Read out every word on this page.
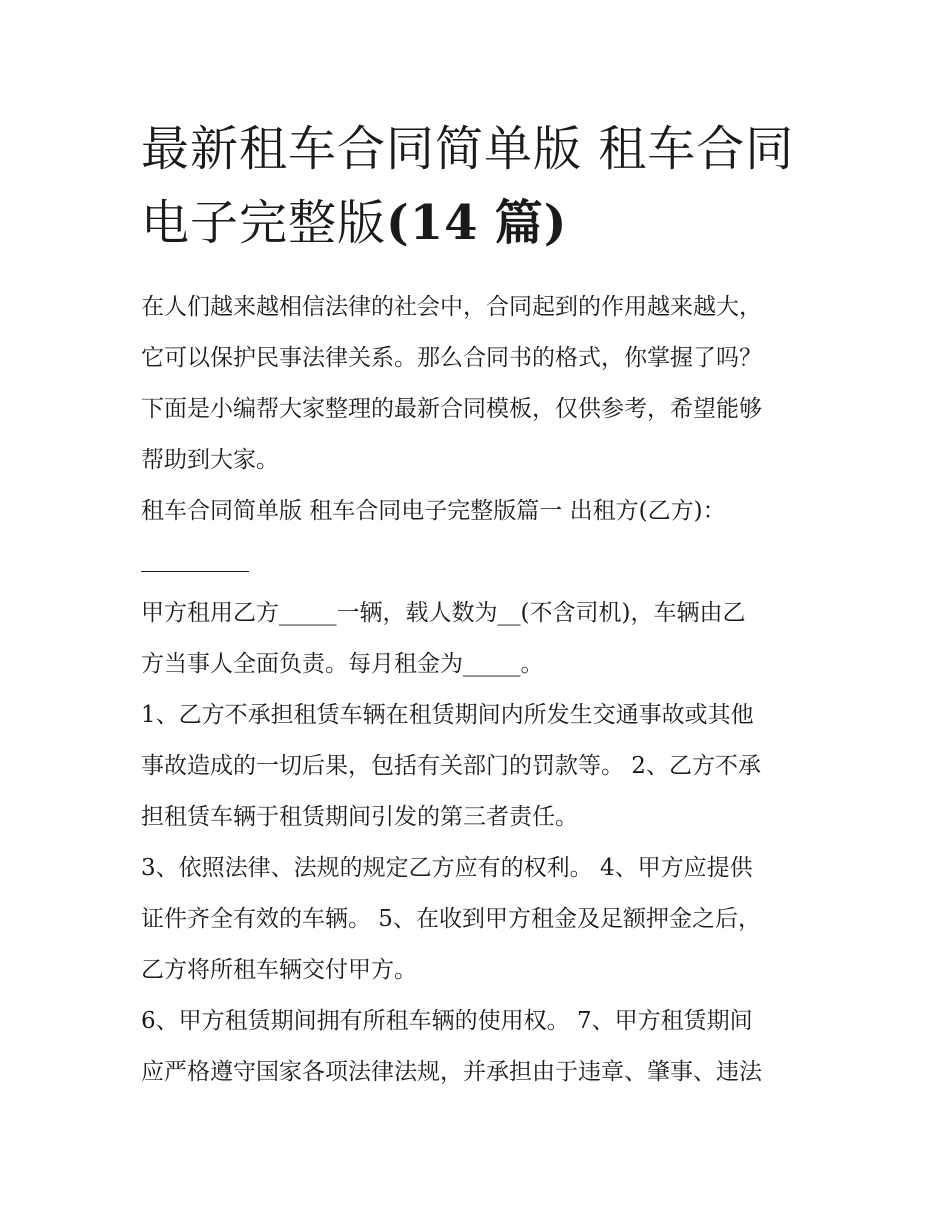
最新租车合同简单版 租车合同
电子完整版(14 篇)

在人们越来越相信法律的社会中，合同起到的作用越来越大，
它可以保护民事法律关系。那么合同书的格式，你掌握了吗？
下面是小编帮大家整理的最新合同模板，仅供参考，希望能够
帮助到大家。

租车合同简单版 租车合同电子完整版篇一 出租方(乙方)：

甲方租用乙方_____一辆，载人数为__(不含司机)，车辆由乙
方当事人全面负责。每月租金为_____。

1、乙方不承担租赁车辆在租赁期间内所发生交通事故或其他
事故造成的一切后果，包括有关部门的罚款等。 2、乙方不承
担租赁车辆于租赁期间引发的第三者责任。

3、依照法律、法规的规定乙方应有的权利。 4、甲方应提供
证件齐全有效的车辆。 5、在收到甲方租金及足额押金之后，
乙方将所租车辆交付甲方。

6、甲方租赁期间拥有所租车辆的使用权。 7、甲方租赁期间
应严格遵守国家各项法律法规，并承担由于违章、肇事、违法
